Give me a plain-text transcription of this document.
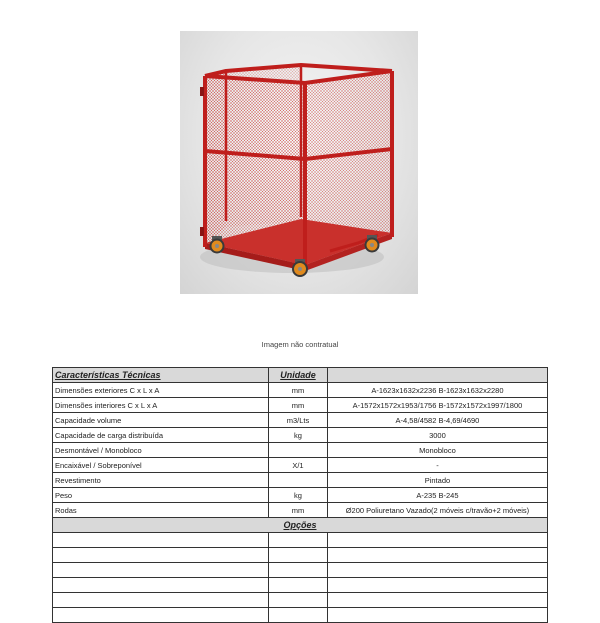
Imagem não contratual
Características Técnicas	Unidade	
Dimensões exteriores C x L x A	mm	A-1623x1632x2236 B-1623x1632x2280
Dimensões interiores C x L x A	mm	A-1572x1572x1953/1756 B-1572x1572x1997/1800
Capacidade volume	m3/Lts	A-4,58/4582 B-4,69/4690
Capacidade de carga distribuída	kg	3000
Desmontável / Monobloco		Monobloco
Encaixável / Sobreponível	X/1	-
Revestimento		Pintado
Peso	kg	A-235 B-245
Rodas	mm	Ø200 Poliuretano Vazado(2 móveis c/travão+2 móveis)
Opções		
